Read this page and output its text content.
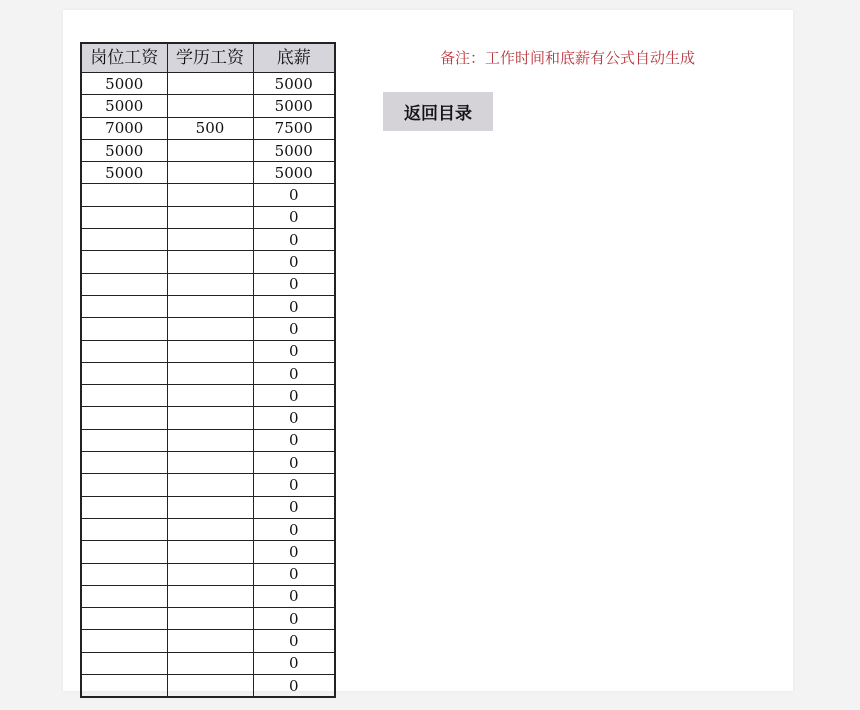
岗位工资	学历工资	底薪
5000		5000
5000		5000
7000	500	7500
5000		5000
5000		5000
		0
		0
		0
		0
		0
		0
		0
		0
		0
		0
		0
		0
		0
		0
		0
		0
		0
		0
		0
		0
		0
		0
		0
备注：工作时间和底薪有公式自动生成
返回目录
